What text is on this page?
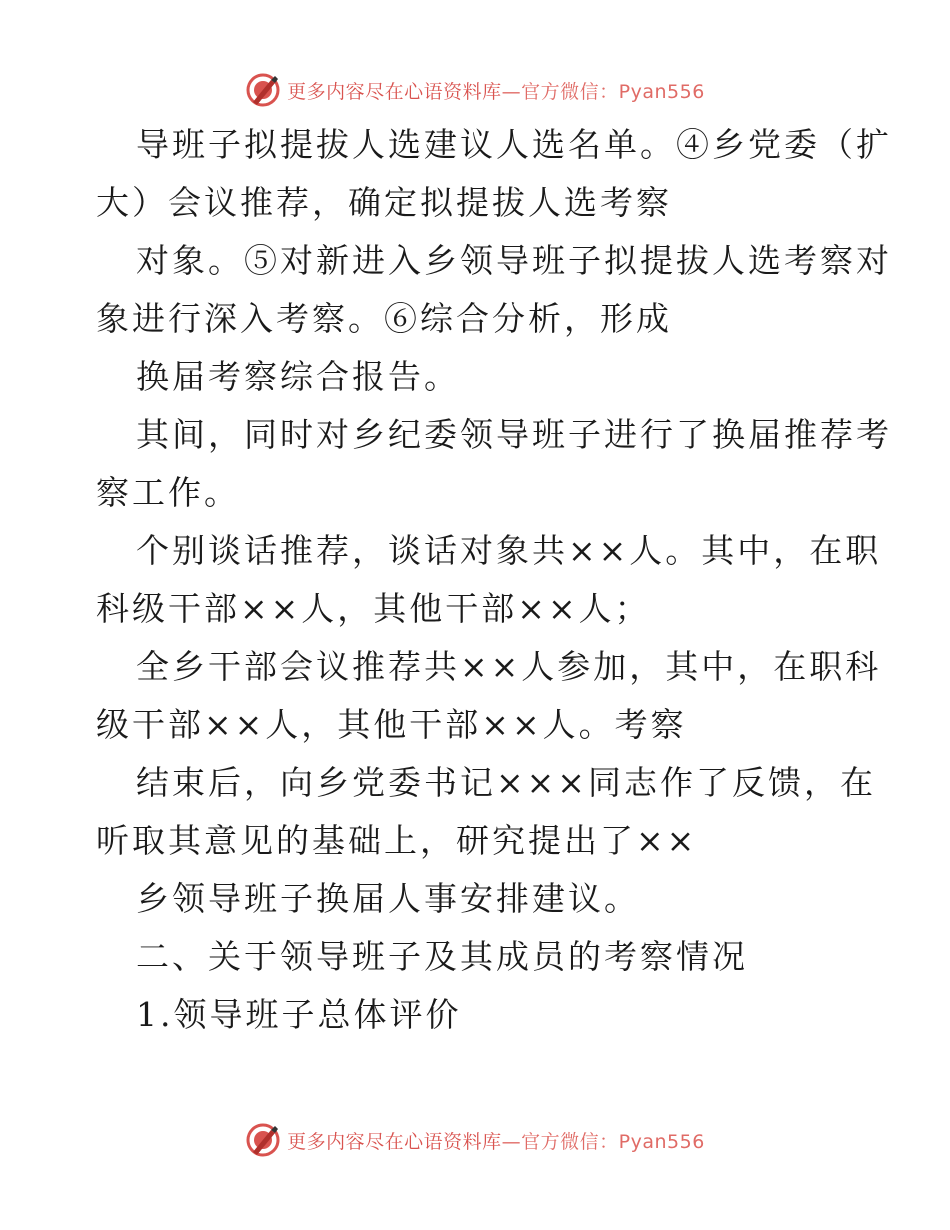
更多内容尽在心语资料库—官方微信：Pyan556
导班子拟提拔人选建议人选名单。④乡党委（扩
大）会议推荐，确定拟提拔人选考察
对象。⑤对新进入乡领导班子拟提拔人选考察对
象进行深入考察。⑥综合分析，形成
换届考察综合报告。
其间，同时对乡纪委领导班子进行了换届推荐考
察工作。
个别谈话推荐，谈话对象共××人。其中，在职
科级干部××人，其他干部××人；
全乡干部会议推荐共××人参加，其中，在职科
级干部××人，其他干部××人。考察
结束后，向乡党委书记×××同志作了反馈，在
听取其意见的基础上，研究提出了××
乡领导班子换届人事安排建议。
二、关于领导班子及其成员的考察情况
1.领导班子总体评价
更多内容尽在心语资料库—官方微信：Pyan556
